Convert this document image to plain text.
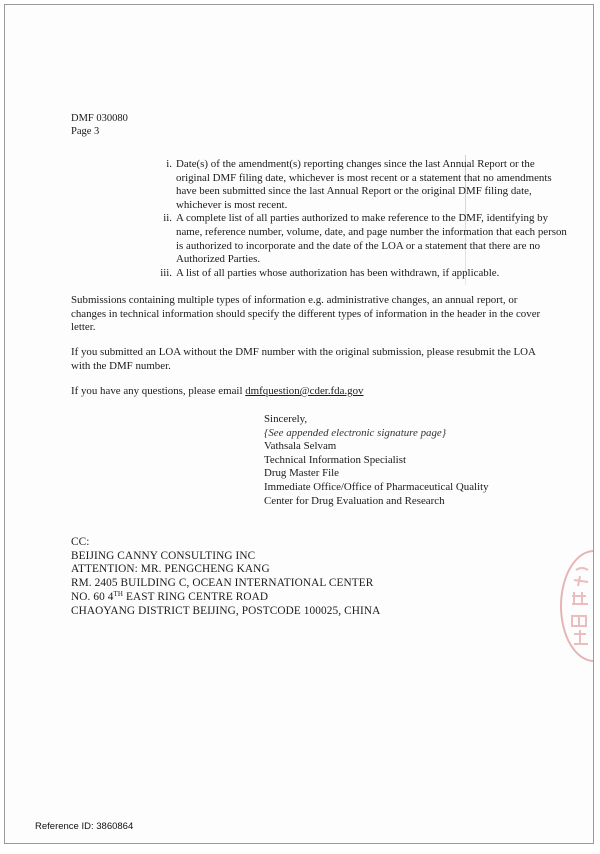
DMF 030080
Page 3

i. Date(s) of the amendment(s) reporting changes since the last Annual Report or the original DMF filing date, whichever is most recent or a statement that no amendments have been submitted since the last Annual Report or the original DMF filing date, whichever is most recent.

ii. A complete list of all parties authorized to make reference to the DMF, identifying by name, reference number, volume, date, and page number the information that each person is authorized to incorporate and the date of the LOA or a statement that there are no Authorized Parties.

iii. A list of all parties whose authorization has been withdrawn, if applicable.

Submissions containing multiple types of information e.g. administrative changes, an annual report, or changes in technical information should specify the different types of information in the header in the cover letter.

If you submitted an LOA without the DMF number with the original submission, please resubmit the LOA with the DMF number.

If you have any questions, please email dmfquestion@cder.fda.gov

Sincerely,
{See appended electronic signature page}
Vathsala Selvam
Technical Information Specialist
Drug Master File
Immediate Office/Office of Pharmaceutical Quality
Center for Drug Evaluation and Research
CC:
BEIJING CANNY CONSULTING INC
ATTENTION: MR. PENGCHENG KANG
RM. 2405 BUILDING C, OCEAN INTERNATIONAL CENTER
NO. 60 4TH EAST RING CENTRE ROAD
CHAOYANG DISTRICT BEIJING, POSTCODE 100025, CHINA
Reference ID: 3860864
